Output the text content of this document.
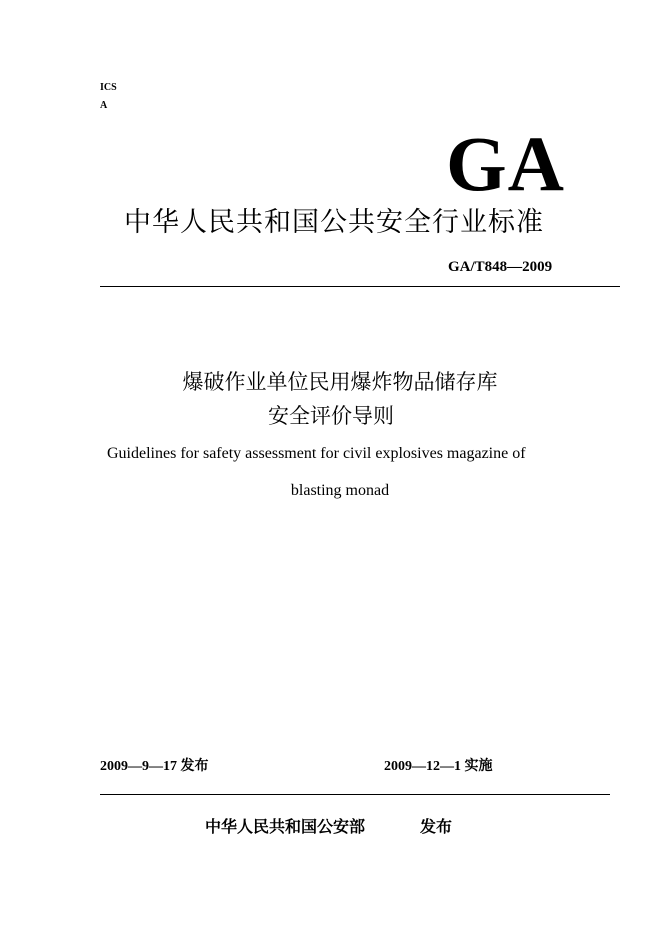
ICS
A
GA
中华人民共和国公共安全行业标准
GA/T848—2009
爆破作业单位民用爆炸物品储存库
安全评价导则
Guidelines for safety assessment for civil explosives magazine of
blasting monad
2009—9—17 发布	2009—12—1 实施
中华人民共和国公安部	发布
